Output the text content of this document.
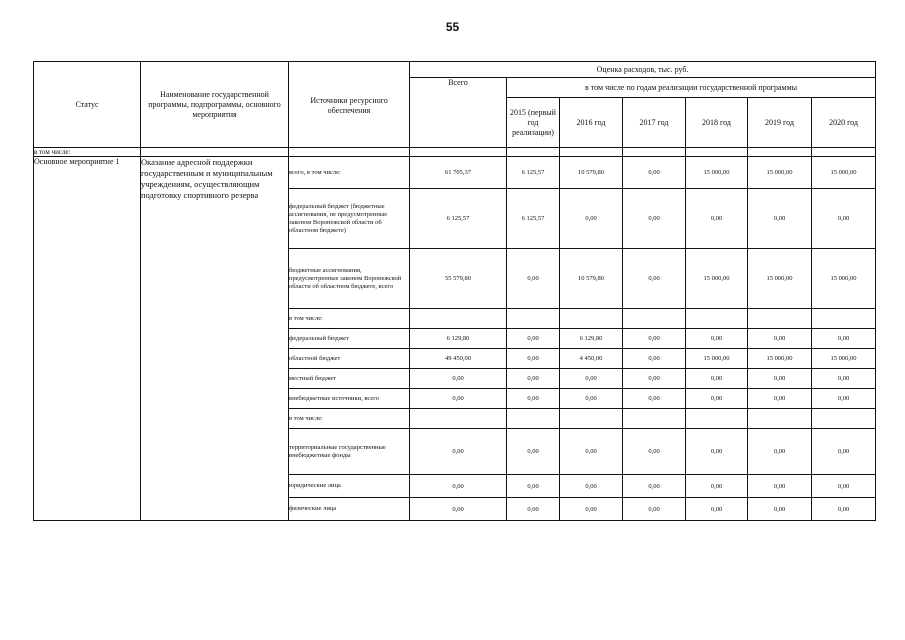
55
Статус	Наименование государственной программы, подпрограммы, основного мероприятия	Источники ресурсного обеспечения	Оценка расходов, тыс. руб.						
			Всего	в том числе по годам реализации государственной программы					
				2015 (первый год реализации)	2016 год	2017 год	2018 год	2019 год	2020 год
в том числе:									
Основное мероприятие 1	Оказание адресной поддержки государственным и муниципальным учреждениям, осуществляющим подготовку спортивного резерва	всего, в том числе:	61 705,37	6 125,57	10 579,80	0,00	15 000,00	15 000,00	15 000,00
		федеральный бюджет (бюджетные ассигнования, не предусмотренные законом Воронежской области об областном бюджете)	6 125,57	6 125,57	0,00	0,00	0,00	0,00	0,00
		бюджетные ассигнования, предусмотренные законом Воронежской области об областном бюджете, всего	55 579,80	0,00	10 579,80	0,00	15 000,00	15 000,00	15 000,00
		в том числе:							
		федеральный бюджет	6 129,80	0,00	6 129,80	0,00	0,00	0,00	0,00
		областной бюджет	49 450,00	0,00	4 450,00	0,00	15 000,00	15 000,00	15 000,00
		местный бюджет	0,00	0,00	0,00	0,00	0,00	0,00	0,00
		внебюджетные источники, всего	0,00	0,00	0,00	0,00	0,00	0,00	0,00
		в том числе:							
		территориальные государственные внебюджетные фонды	0,00	0,00	0,00	0,00	0,00	0,00	0,00
		юридические лица	0,00	0,00	0,00	0,00	0,00	0,00	0,00
		физические лица	0,00	0,00	0,00	0,00	0,00	0,00	0,00
